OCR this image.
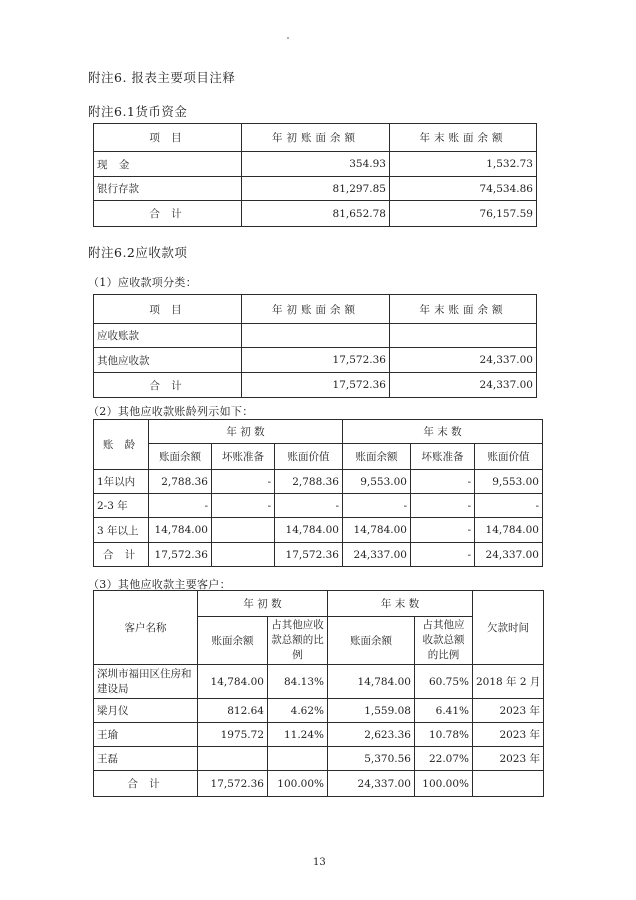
附注6. 报表主要项目注释
附注6.1货币资金
项 目	年初账面余额	年末账面余额
现 金	354.93	1,532.73
银行存款	81,297.85	74,534.86
合 计	81,652.78	76,157.59
附注6.2应收款项
（1）应收款项分类：
项 目	年初账面余额	年末账面余额
应收账款		
其他应收款	17,572.36	24,337.00
合 计	17,572.36	24,337.00
（2）其他应收款账龄列示如下：
账 龄	年 初 数			年 末 数		
	账面余额	坏账准备	账面价值	账面余额	坏账准备	账面价值
1年以内	2,788.36	-	2,788.36	9,553.00	-	9,553.00
2-3 年	-	-	-	-	-	-
3 年以上	14,784.00		14,784.00	14,784.00	-	14,784.00
合 计	17,572.36		17,572.36	24,337.00	-	24,337.00
（3）其他应收款主要客户：
客户名称	年 初 数		年 末 数		欠款时间
	账面余额	占其他应收款总额的比例	账面余额	占其他应收款总额的比例	
深圳市福田区住房和建设局	14,784.00	84.13%	14,784.00	60.75%	2018 年 2 月
梁月仪	812.64	4.62%	1,559.08	6.41%	2023 年
王瑜	1975.72	11.24%	2,623.36	10.78%	2023 年
王磊			5,370.56	22.07%	2023 年
合 计	17,572.36	100.00%	24,337.00	100.00%	
13
